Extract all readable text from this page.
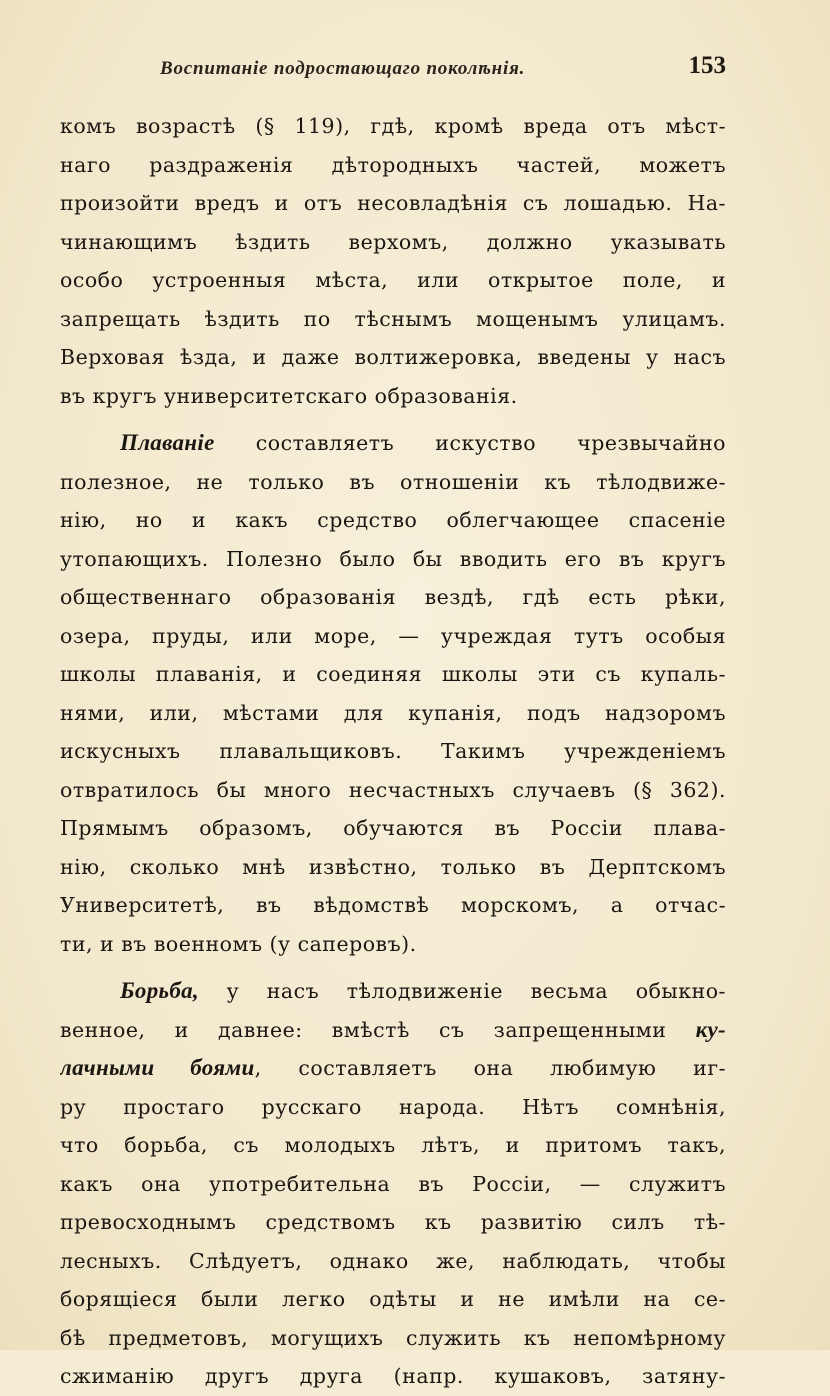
Воспитаніе подростающаго поколѣнія.	153
комъ возрастѣ (§ 119), гдѣ, кромѣ вреда отъ мѣст-
наго раздраженія дѣтородныхъ частей, можетъ
произойти вредъ и отъ несовладѣнія съ лошадью. На-
чинающимъ ѣздить верхомъ, должно указывать
особо устроенныя мѣста, или открытое поле, и
запрещать ѣздить по тѣснымъ мощенымъ улицамъ.
Верховая ѣзда, и даже волтижеровка, введены у насъ
въ кругъ университетскаго образованія.
Плаваніе составляетъ искуство чрезвычайно
полезное, не только въ отношеніи къ тѣлодвиже-
нію, но и какъ средство облегчающее спасеніе
утопающихъ. Полезно было бы вводить его въ кругъ
общественнаго образованія вездѣ, гдѣ есть рѣки,
озера, пруды, или море, — учреждая тутъ особыя
школы плаванія, и соединяя школы эти съ купаль-
нями, или, мѣстами для купанія, подъ надзоромъ
искусныхъ плавальщиковъ. Такимъ учрежденіемъ
отвратилось бы много несчастныхъ случаевъ (§ 362).
Прямымъ образомъ, обучаются въ Россіи плава-
нію, сколько мнѣ извѣстно, только въ Дерптскомъ
Университетѣ, въ вѣдомствѣ морскомъ, а отчас-
ти, и въ военномъ (у саперовъ).
Борьба, у насъ тѣлодвиженіе весьма обыкно-
венное, и давнее: вмѣстѣ съ запрещенными ку-
лачными боями, составляетъ она любимую иг-
ру простаго русскаго народа. Нѣтъ сомнѣнія,
что борьба, съ молодыхъ лѣтъ, и притомъ такъ,
какъ она употребительна въ Россіи, — служитъ
превосходнымъ средствомъ къ развитію силъ тѣ-
лесныхъ. Слѣдуетъ, однако же, наблюдать, чтобы
борящіеся были легко одѣты и не имѣли на се-
бѣ предметовъ, могущихъ служить къ непомѣрному
сжиманію другъ друга (напр. кушаковъ, затяну-
